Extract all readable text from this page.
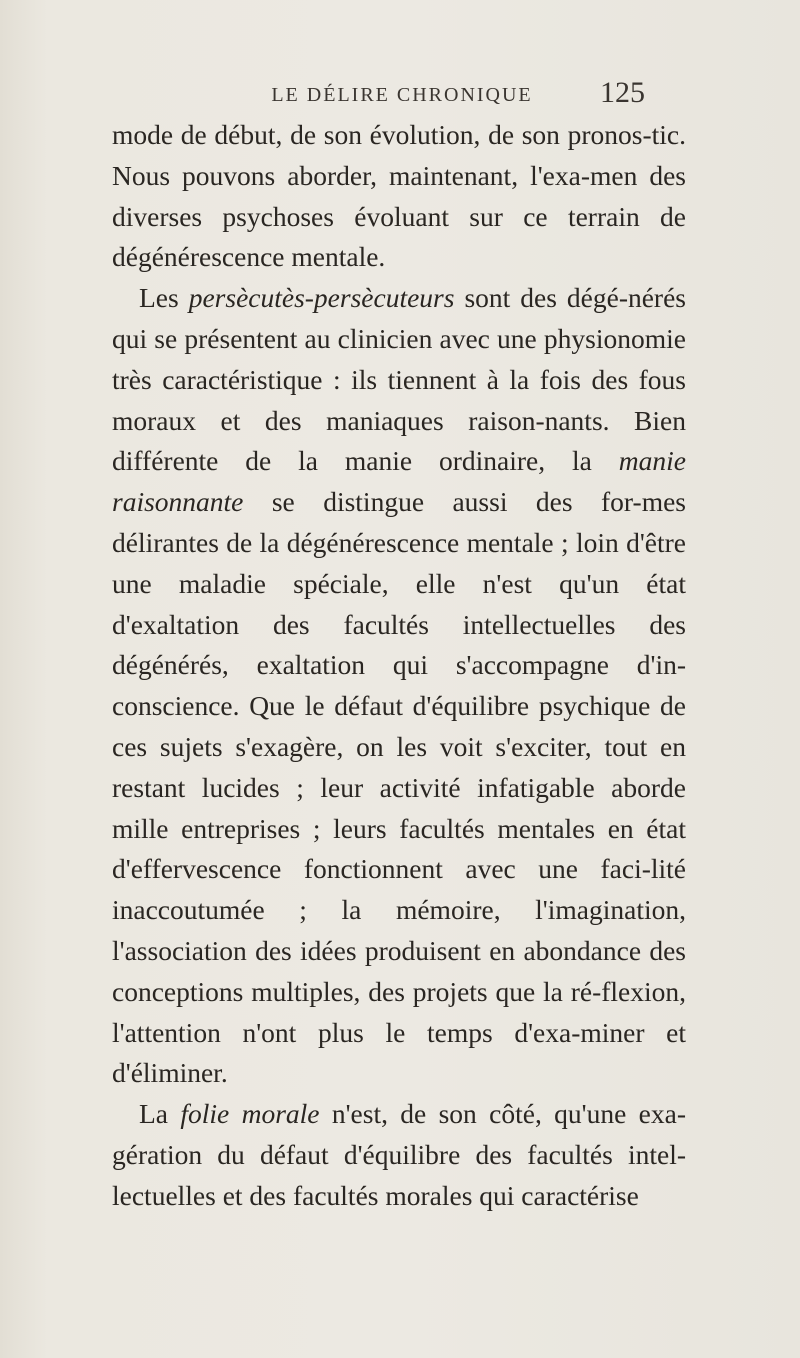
LE DÉLIRE CHRONIQUE	125

mode de début, de son évolution, de son pronos-tic. Nous pouvons aborder, maintenant, l'exa-men des diverses psychoses évoluant sur ce terrain de dégénérescence mentale.

Les persècutès-persècuteurs sont des dégé-nérés qui se présentent au clinicien avec une physionomie très caractéristique : ils tiennent à la fois des fous moraux et des maniaques raison-nants. Bien différente de la manie ordinaire, la manie raisonnante se distingue aussi des for-mes délirantes de la dégénérescence mentale ; loin d'être une maladie spéciale, elle n'est qu'un état d'exaltation des facultés intellectuelles des dégénérés, exaltation qui s'accompagne d'in-conscience. Que le défaut d'équilibre psychique de ces sujets s'exagère, on les voit s'exciter, tout en restant lucides ; leur activité infatigable aborde mille entreprises ; leurs facultés mentales en état d'effervescence fonctionnent avec une faci-lité inaccoutumée ; la mémoire, l'imagination, l'association des idées produisent en abondance des conceptions multiples, des projets que la ré-flexion, l'attention n'ont plus le temps d'exa-miner et d'éliminer.

La folie morale n'est, de son côté, qu'une exa-gération du défaut d'équilibre des facultés intel-lectuelles et des facultés morales qui caractérise
